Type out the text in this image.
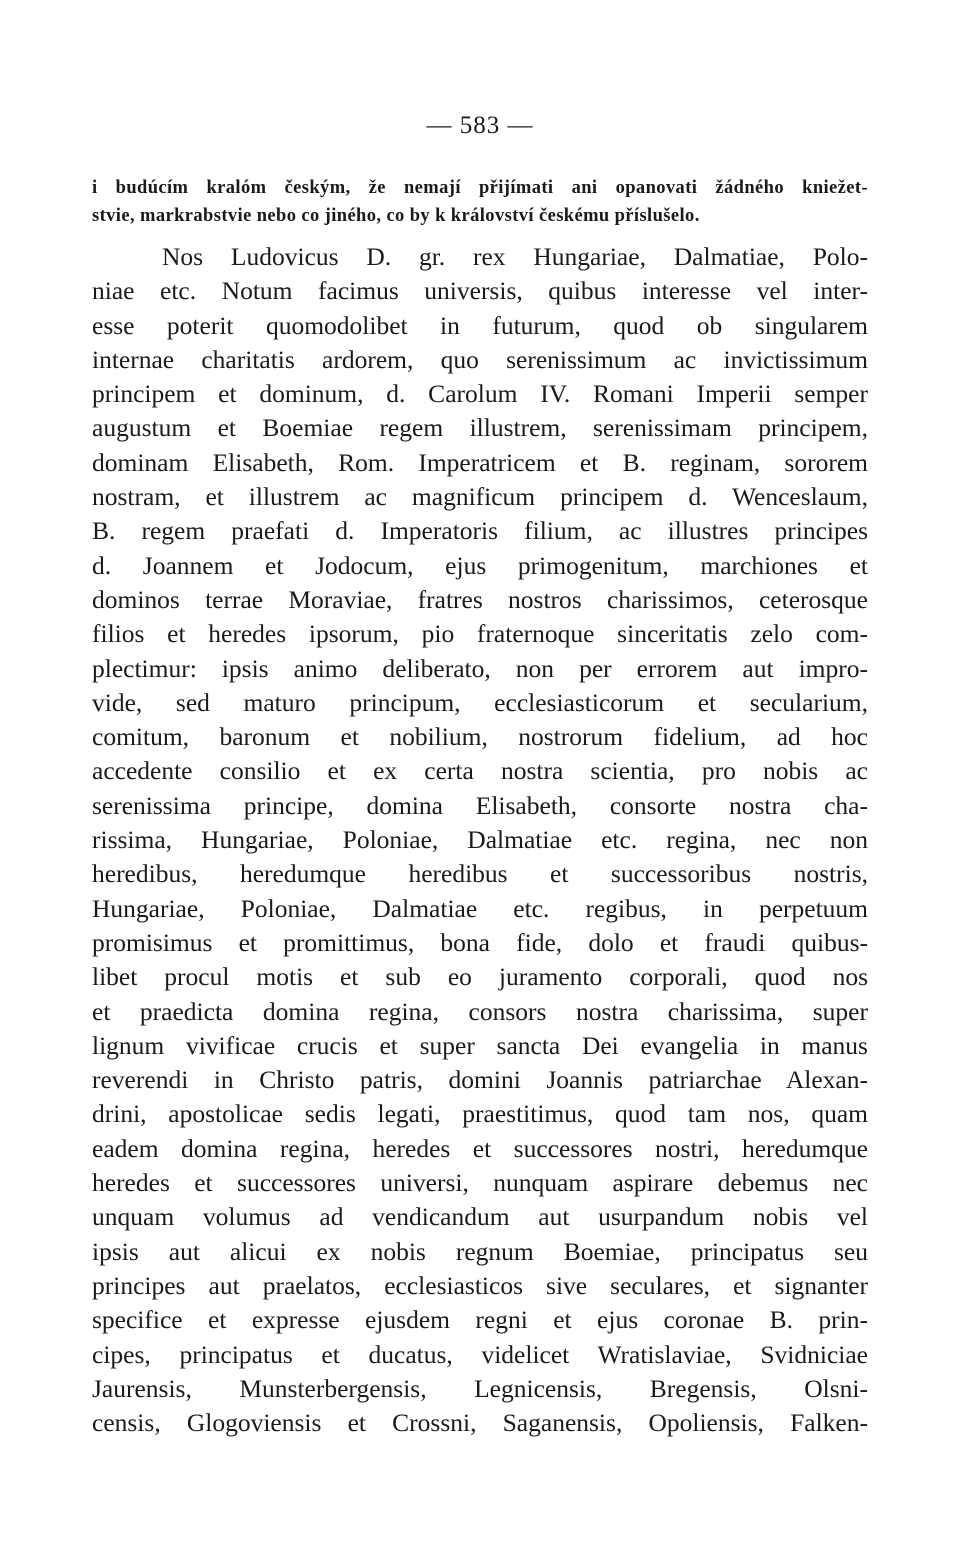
— 583 —
i budúcím kralóm českým, že nemají přijímati ani opanovati žádného kniežet-
stvie, markrabstvie nebo co jiného, co by k království českému příslušelo.
Nos Ludovicus D. gr. rex Hungariae, Dalmatiae, Polo-
niae etc. Notum facimus universis, quibus interesse vel inter-
esse poterit quomodolibet in futurum, quod ob singularem
internae charitatis ardorem, quo serenissimum ac invictissimum
principem et dominum, d. Carolum IV. Romani Imperii semper
augustum et Boemiae regem illustrem, serenissimam principem,
dominam Elisabeth, Rom. Imperatricem et B. reginam, sororem
nostram, et illustrem ac magnificum principem d. Wenceslaum,
B. regem praefati d. Imperatoris filium, ac illustres principes
d. Joannem et Jodocum, ejus primogenitum, marchiones et
dominos terrae Moraviae, fratres nostros charissimos, ceterosque
filios et heredes ipsorum, pio fraternoque sinceritatis zelo com-
plectimur: ipsis animo deliberato, non per errorem aut impro-
vide, sed maturo principum, ecclesiasticorum et secularium,
comitum, baronum et nobilium, nostrorum fidelium, ad hoc
accedente consilio et ex certa nostra scientia, pro nobis ac
serenissima principe, domina Elisabeth, consorte nostra cha-
rissima, Hungariae, Poloniae, Dalmatiae etc. regina, nec non
heredibus, heredumque heredibus et successoribus nostris,
Hungariae, Poloniae, Dalmatiae etc. regibus, in perpetuum
promisimus et promittimus, bona fide, dolo et fraudi quibus-
libet procul motis et sub eo juramento corporali, quod nos
et praedicta domina regina, consors nostra charissima, super
lignum vivificae crucis et super sancta Dei evangelia in manus
reverendi in Christo patris, domini Joannis patriarchae Alexan-
drini, apostolicae sedis legati, praestitimus, quod tam nos, quam
eadem domina regina, heredes et successores nostri, heredumque
heredes et successores universi, nunquam aspirare debemus nec
unquam volumus ad vendicandum aut usurpandum nobis vel
ipsis aut alicui ex nobis regnum Boemiae, principatus seu
principes aut praelatos, ecclesiasticos sive seculares, et signanter
specifice et expresse ejusdem regni et ejus coronae B. prin-
cipes, principatus et ducatus, videlicet Wratislaviae, Svidniciae
Jaurensis, Munsterbergensis, Legnicensis, Bregensis, Olsni-
censis, Glogoviensis et Crossni, Saganensis, Opoliensis, Falken-
